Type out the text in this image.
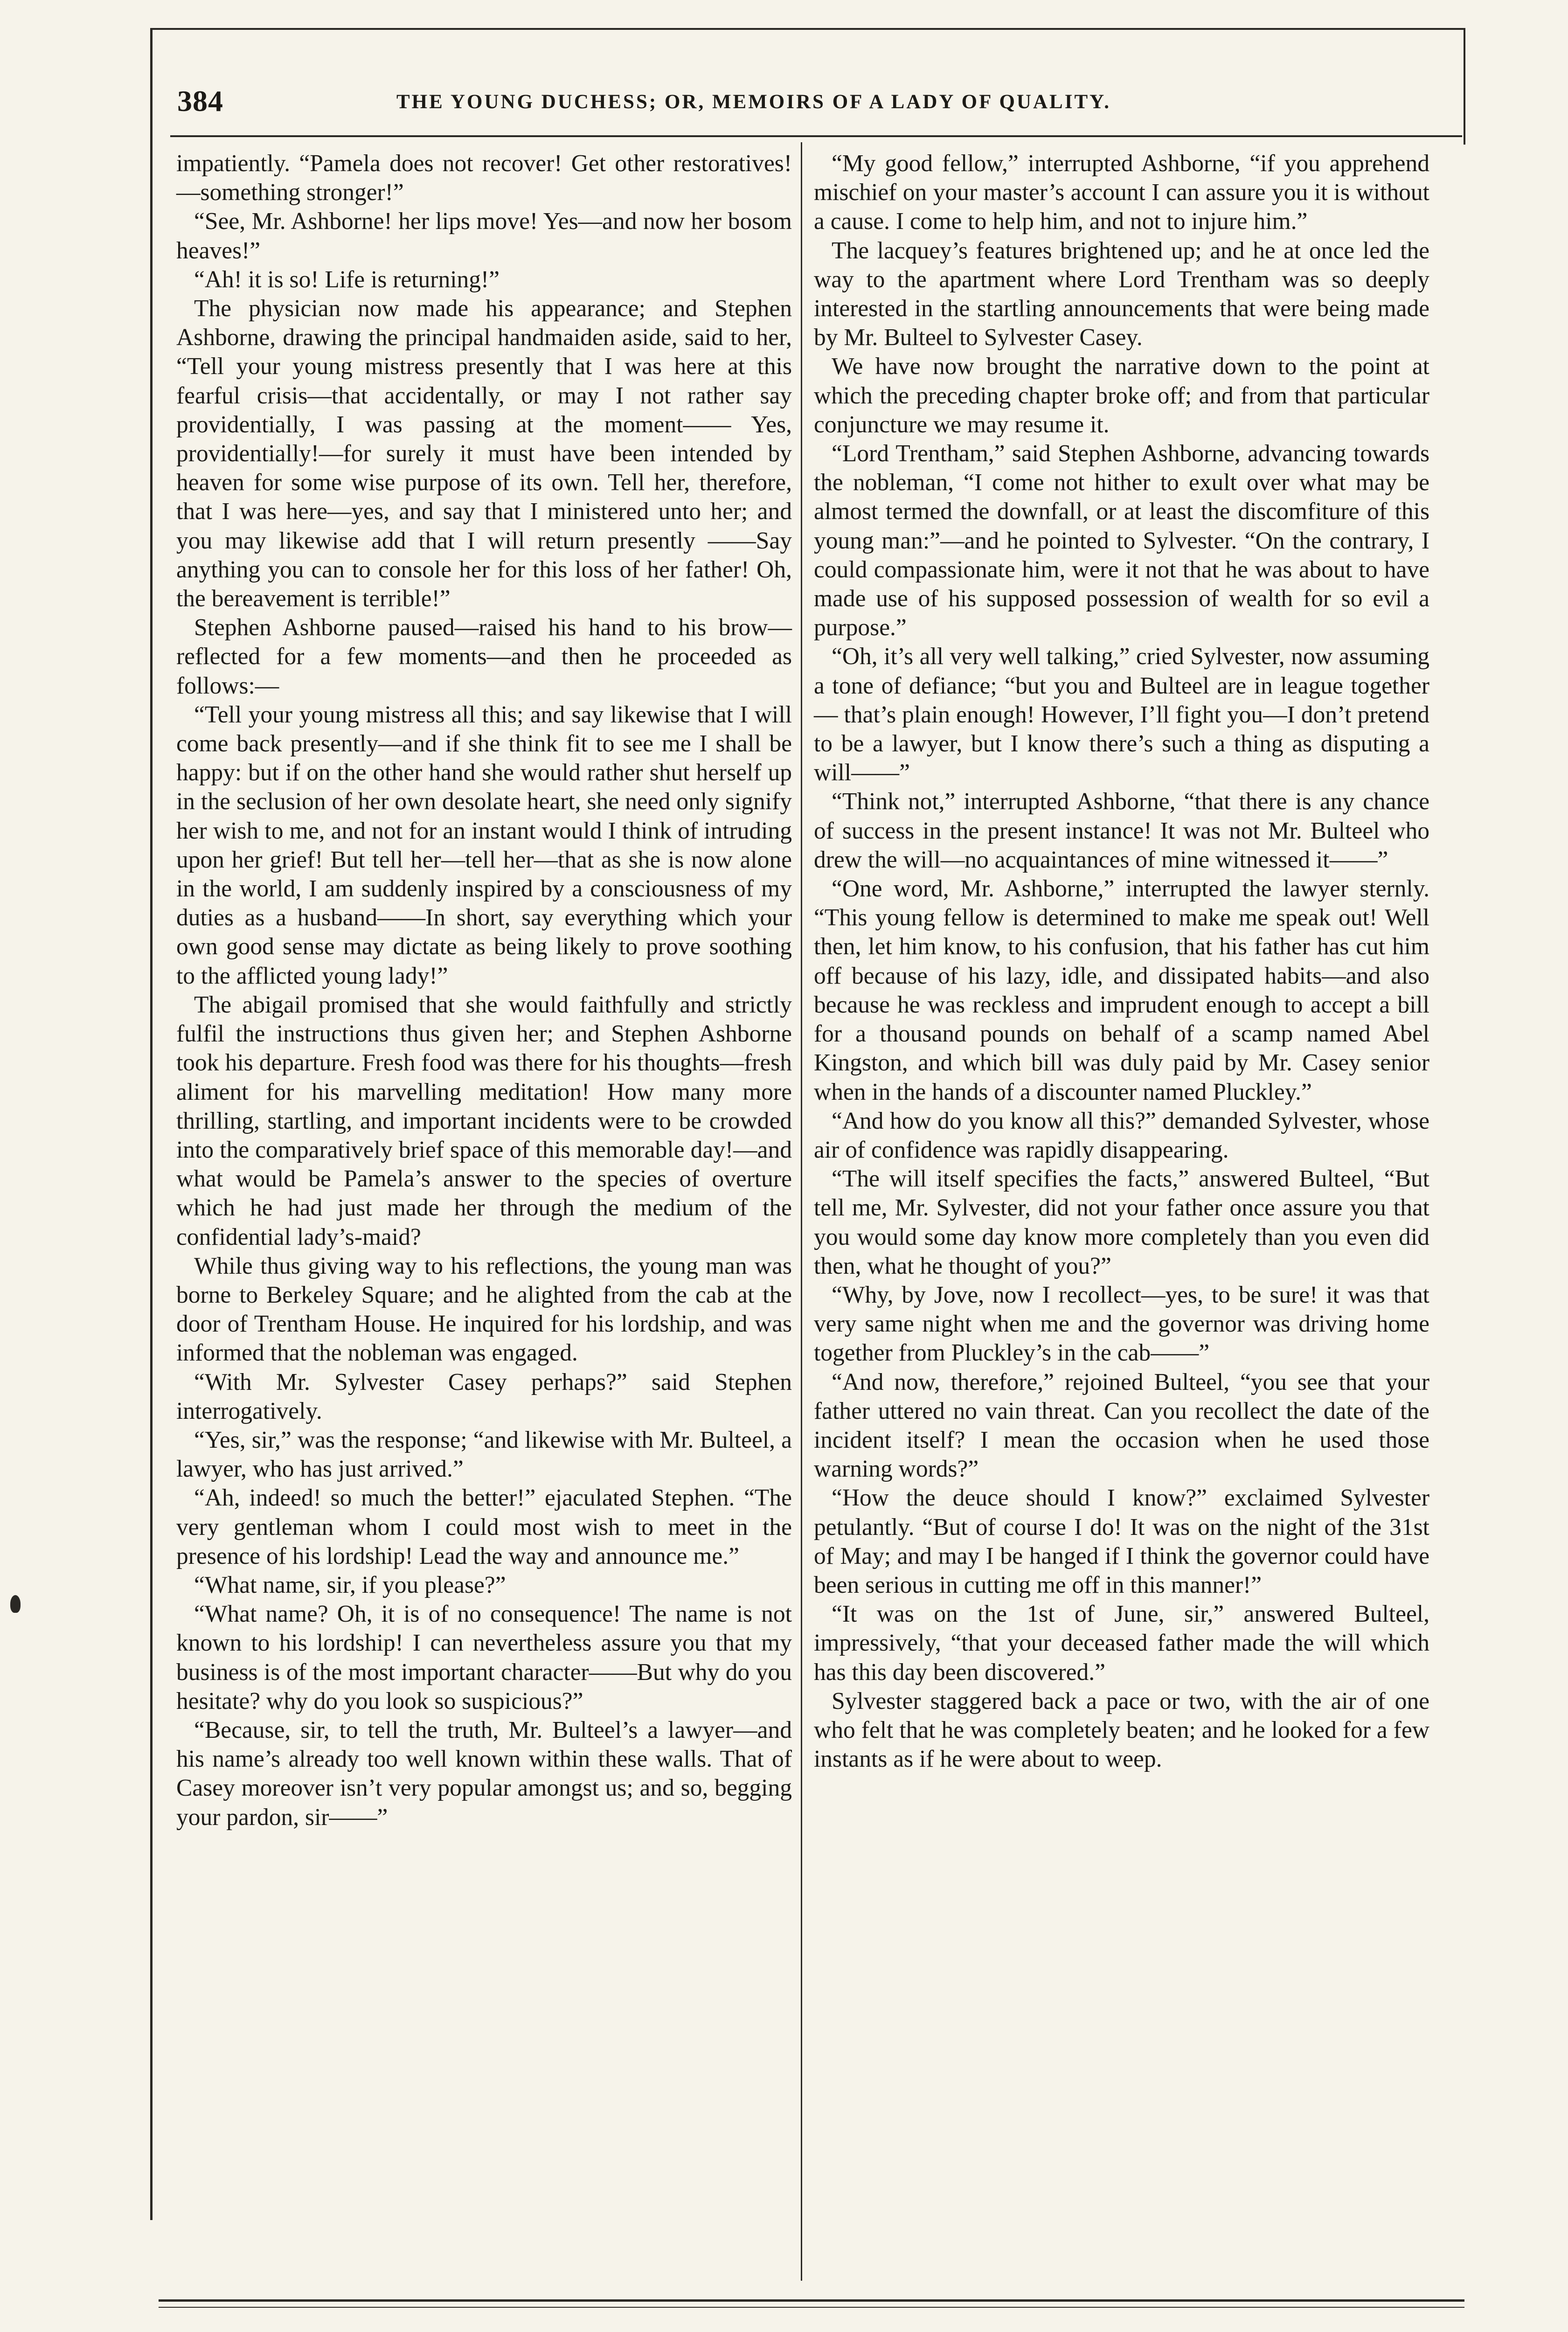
384	THE YOUNG DUCHESS; OR, MEMOIRS OF A LADY OF QUALITY.

impatiently. “Pamela does not recover! Get other restoratives!—something stronger!”

“See, Mr. Ashborne! her lips move! Yes—and now her bosom heaves!”

“Ah! it is so! Life is returning!”

The physician now made his appearance; and Stephen Ashborne, drawing the principal handmaiden aside, said to her, “Tell your young mistress presently that I was here at this fearful crisis—that accidentally, or may I not rather say providentially, I was passing at the moment—— Yes, providentially!—for surely it must have been intended by heaven for some wise purpose of its own. Tell her, therefore, that I was here—yes, and say that I ministered unto her; and you may likewise add that I will return presently ——Say anything you can to console her for this loss of her father! Oh, the bereavement is terrible!”

Stephen Ashborne paused—raised his hand to his brow—reflected for a few moments—and then he proceeded as follows:—

“Tell your young mistress all this; and say likewise that I will come back presently—and if she think fit to see me I shall be happy: but if on the other hand she would rather shut herself up in the seclusion of her own desolate heart, she need only signify her wish to me, and not for an instant would I think of intruding upon her grief! But tell her—tell her—that as she is now alone in the world, I am suddenly inspired by a consciousness of my duties as a husband——In short, say everything which your own good sense may dictate as being likely to prove soothing to the afflicted young lady!”

The abigail promised that she would faithfully and strictly fulfil the instructions thus given her; and Stephen Ashborne took his departure. Fresh food was there for his thoughts—fresh aliment for his marvelling meditation! How many more thrilling, startling, and important incidents were to be crowded into the comparatively brief space of this memorable day!—and what would be Pamela’s answer to the species of overture which he had just made her through the medium of the confidential lady’s-maid?

While thus giving way to his reflections, the young man was borne to Berkeley Square; and he alighted from the cab at the door of Trentham House. He inquired for his lordship, and was informed that the nobleman was engaged.

“With Mr. Sylvester Casey perhaps?” said Stephen interrogatively.

“Yes, sir,” was the response; “and likewise with Mr. Bulteel, a lawyer, who has just arrived.”

“Ah, indeed! so much the better!” ejaculated Stephen. “The very gentleman whom I could most wish to meet in the presence of his lordship! Lead the way and announce me.”

“What name, sir, if you please?”

“What name? Oh, it is of no consequence! The name is not known to his lordship! I can nevertheless assure you that my business is of the most important character——But why do you hesitate? why do you look so suspicious?”

“Because, sir, to tell the truth, Mr. Bulteel’s a lawyer—and his name’s already too well known within these walls. That of Casey moreover isn’t very popular amongst us; and so, begging your pardon, sir——”

“My good fellow,” interrupted Ashborne, “if you apprehend mischief on your master’s account I can assure you it is without a cause. I come to help him, and not to injure him.”

The lacquey’s features brightened up; and he at once led the way to the apartment where Lord Trentham was so deeply interested in the startling announcements that were being made by Mr. Bulteel to Sylvester Casey.

We have now brought the narrative down to the point at which the preceding chapter broke off; and from that particular conjuncture we may resume it.

“Lord Trentham,” said Stephen Ashborne, advancing towards the nobleman, “I come not hither to exult over what may be almost termed the downfall, or at least the discomfiture of this young man:”—and he pointed to Sylvester. “On the contrary, I could compassionate him, were it not that he was about to have made use of his supposed possession of wealth for so evil a purpose.”

“Oh, it’s all very well talking,” cried Sylvester, now assuming a tone of defiance; “but you and Bulteel are in league together — that’s plain enough! However, I’ll fight you—I don’t pretend to be a lawyer, but I know there’s such a thing as disputing a will——”

“Think not,” interrupted Ashborne, “that there is any chance of success in the present instance! It was not Mr. Bulteel who drew the will—no acquaintances of mine witnessed it——”

“One word, Mr. Ashborne,” interrupted the lawyer sternly. “This young fellow is determined to make me speak out! Well then, let him know, to his confusion, that his father has cut him off because of his lazy, idle, and dissipated habits—and also because he was reckless and imprudent enough to accept a bill for a thousand pounds on behalf of a scamp named Abel Kingston, and which bill was duly paid by Mr. Casey senior when in the hands of a discounter named Pluckley.”

“And how do you know all this?” demanded Sylvester, whose air of confidence was rapidly disappearing.

“The will itself specifies the facts,” answered Bulteel, “But tell me, Mr. Sylvester, did not your father once assure you that you would some day know more completely than you even did then, what he thought of you?”

“Why, by Jove, now I recollect—yes, to be sure! it was that very same night when me and the governor was driving home together from Pluckley’s in the cab——”

“And now, therefore,” rejoined Bulteel, “you see that your father uttered no vain threat. Can you recollect the date of the incident itself? I mean the occasion when he used those warning words?”

“How the deuce should I know?” exclaimed Sylvester petulantly. “But of course I do! It was on the night of the 31st of May; and may I be hanged if I think the governor could have been serious in cutting me off in this manner!”

“It was on the 1st of June, sir,” answered Bulteel, impressively, “that your deceased father made the will which has this day been discovered.”

Sylvester staggered back a pace or two, with the air of one who felt that he was completely beaten; and he looked for a few instants as if he were about to weep.
